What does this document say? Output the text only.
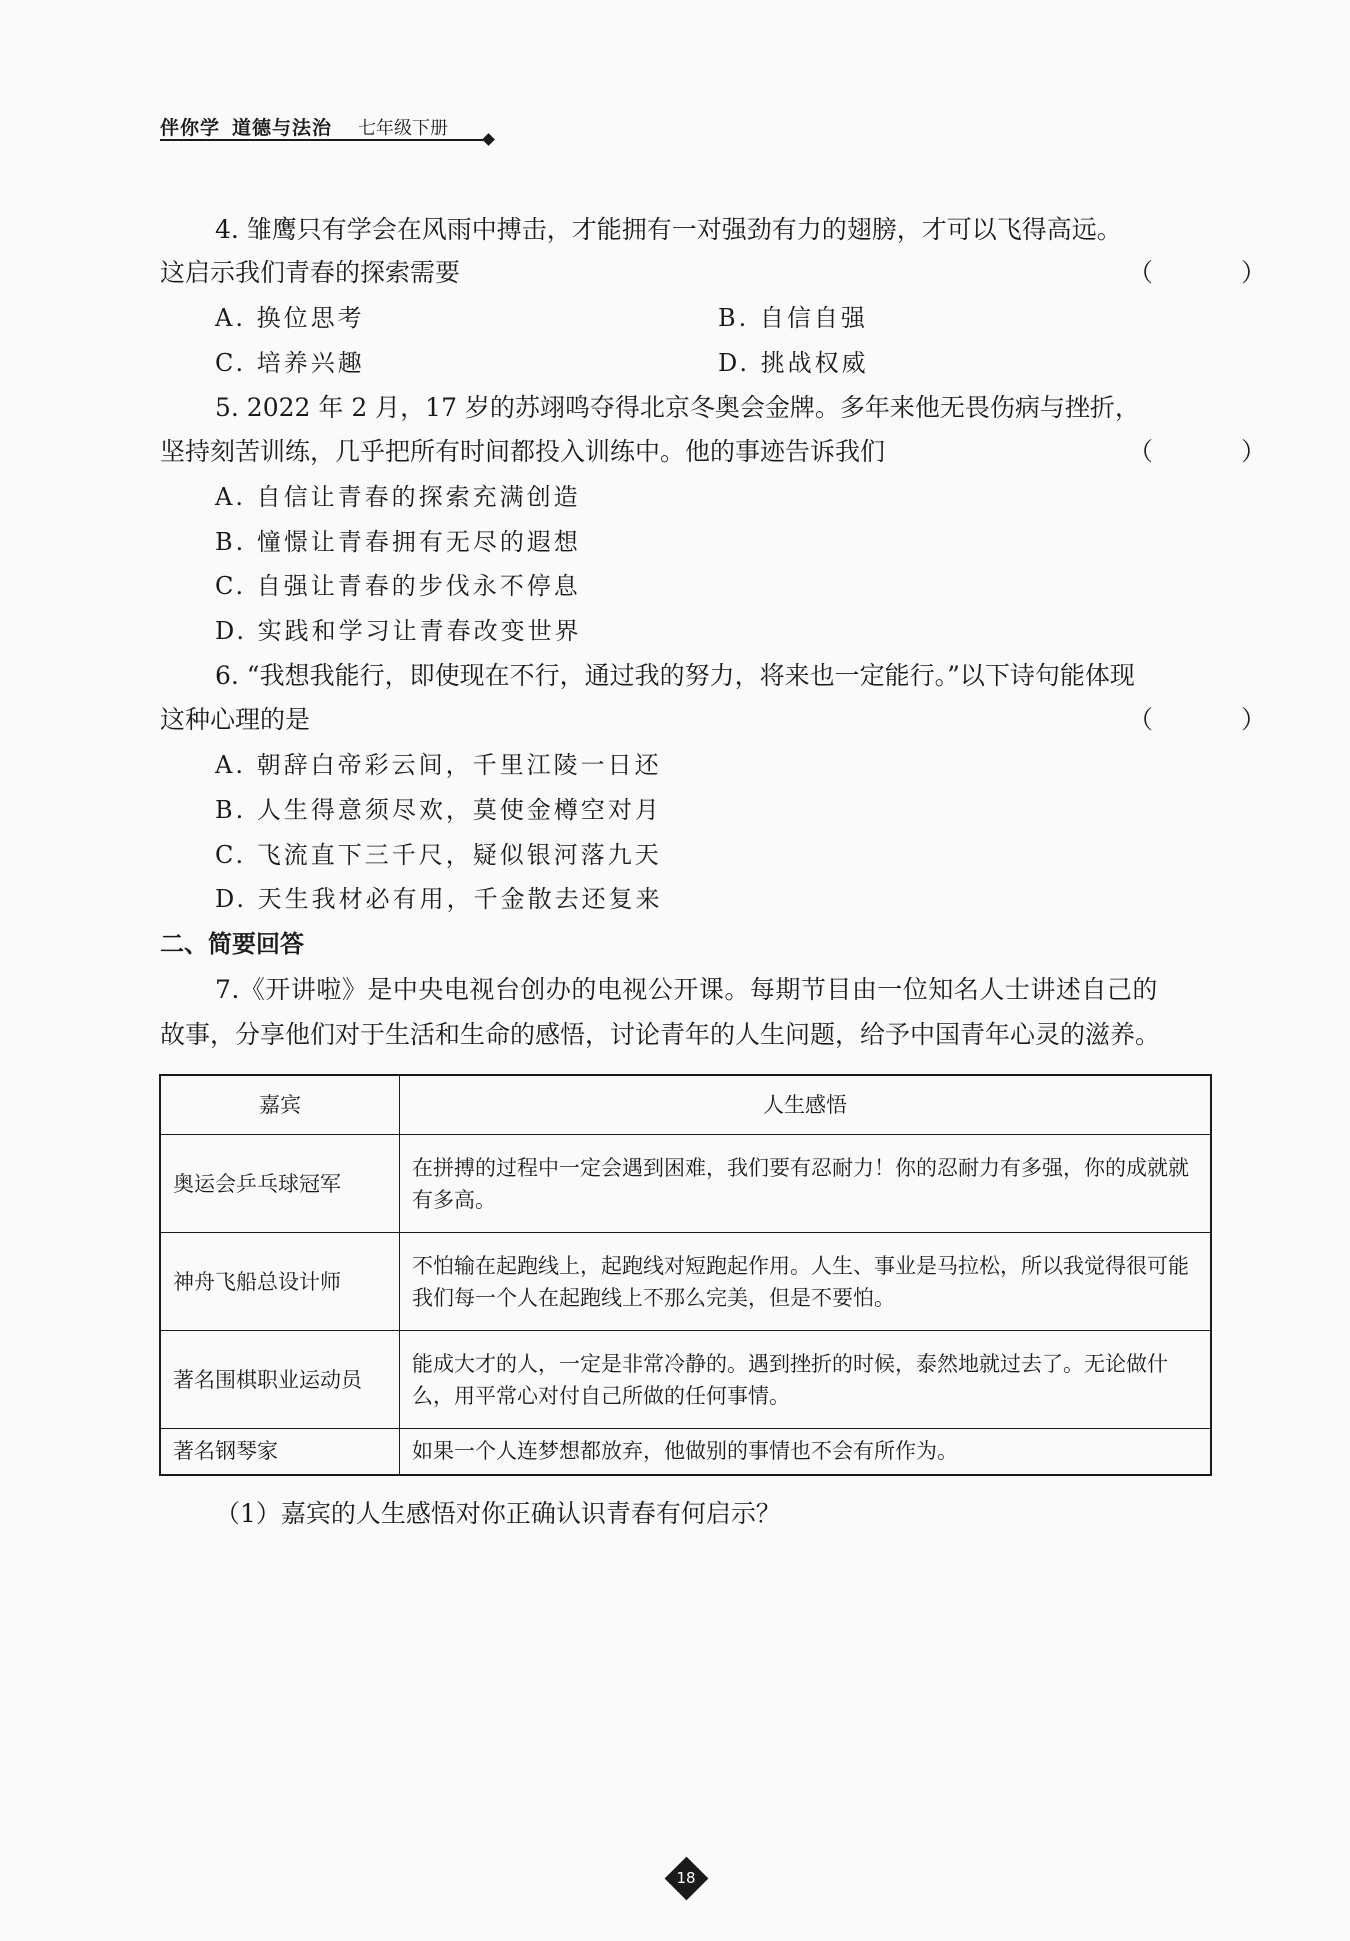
伴你学 道德与法治 七年级下册
4. 雏鹰只有学会在风雨中搏击，才能拥有一对强劲有力的翅膀，才可以飞得高远。
这启示我们青春的探索需要	（ ）
A. 换位思考	B. 自信自强
C. 培养兴趣	D. 挑战权威
5. 2022 年 2 月，17 岁的苏翊鸣夺得北京冬奥会金牌。多年来他无畏伤病与挫折，
坚持刻苦训练，几乎把所有时间都投入训练中。他的事迹告诉我们	（ ）
A. 自信让青春的探索充满创造
B. 憧憬让青春拥有无尽的遐想
C. 自强让青春的步伐永不停息
D. 实践和学习让青春改变世界
6. “我想我能行，即使现在不行，通过我的努力，将来也一定能行。”以下诗句能体现
这种心理的是	（ ）
A. 朝辞白帝彩云间，千里江陵一日还
B. 人生得意须尽欢，莫使金樽空对月
C. 飞流直下三千尺，疑似银河落九天
D. 天生我材必有用，千金散去还复来
二、简要回答
7.《开讲啦》是中央电视台创办的电视公开课。每期节目由一位知名人士讲述自己的
故事，分享他们对于生活和生命的感悟，讨论青年的人生问题，给予中国青年心灵的滋养。
嘉宾	人生感悟
奥运会乒乓球冠军	在拼搏的过程中一定会遇到困难，我们要有忍耐力！你的忍耐力有多强，你的成就就有多高。
神舟飞船总设计师	不怕输在起跑线上，起跑线对短跑起作用。人生、事业是马拉松，所以我觉得很可能我们每一个人在起跑线上不那么完美，但是不要怕。
著名围棋职业运动员	能成大才的人，一定是非常冷静的。遇到挫折的时候，泰然地就过去了。无论做什么，用平常心对付自己所做的任何事情。
著名钢琴家	如果一个人连梦想都放弃，他做别的事情也不会有所作为。
（1）嘉宾的人生感悟对你正确认识青春有何启示？
18
